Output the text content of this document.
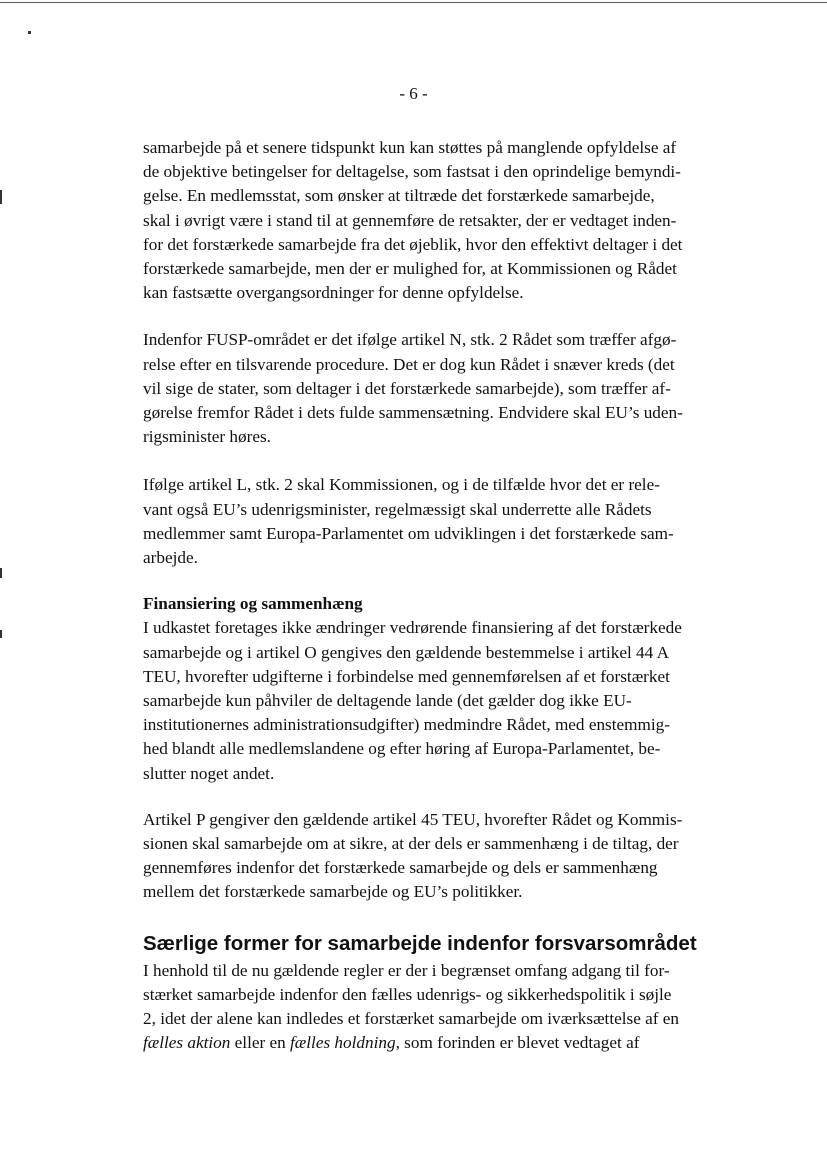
- 6 -

samarbejde på et senere tidspunkt kun kan støttes på manglende opfyldelse af
de objektive betingelser for deltagelse, som fastsat i den oprindelige bemyndi-
gelse. En medlemsstat, som ønsker at tiltræde det forstærkede samarbejde,
skal i øvrigt være i stand til at gennemføre de retsakter, der er vedtaget inden-
for det forstærkede samarbejde fra det øjeblik, hvor den effektivt deltager i det
forstærkede samarbejde, men der er mulighed for, at Kommissionen og Rådet
kan fastsætte overgangsordninger for denne opfyldelse.

Indenfor FUSP-området er det ifølge artikel N, stk. 2 Rådet som træffer afgø-
relse efter en tilsvarende procedure. Det er dog kun Rådet i snæver kreds (det
vil sige de stater, som deltager i det forstærkede samarbejde), som træffer af-
gørelse fremfor Rådet i dets fulde sammensætning. Endvidere skal EU’s uden-
rigsminister høres.

Ifølge artikel L, stk. 2 skal Kommissionen, og i de tilfælde hvor det er rele-
vant også EU’s udenrigsminister, regelmæssigt skal underrette alle Rådets
medlemmer samt Europa-Parlamentet om udviklingen i det forstærkede sam-
arbejde.

Finansiering og sammenhæng

I udkastet foretages ikke ændringer vedrørende finansiering af det forstærkede
samarbejde og i artikel O gengives den gældende bestemmelse i artikel 44 A
TEU, hvorefter udgifterne i forbindelse med gennemførelsen af et forstærket
samarbejde kun påhviler de deltagende lande (det gælder dog ikke EU-
institutionernes administrationsudgifter) medmindre Rådet, med enstemmig-
hed blandt alle medlemslandene og efter høring af Europa-Parlamentet, be-
slutter noget andet.

Artikel P gengiver den gældende artikel 45 TEU, hvorefter Rådet og Kommis-
sionen skal samarbejde om at sikre, at der dels er sammenhæng i de tiltag, der
gennemføres indenfor det forstærkede samarbejde og dels er sammenhæng
mellem det forstærkede samarbejde og EU’s politikker.

Særlige former for samarbejde indenfor forsvarsområdet

I henhold til de nu gældende regler er der i begrænset omfang adgang til for-
stærket samarbejde indenfor den fælles udenrigs- og sikkerhedspolitik i søjle
2, idet der alene kan indledes et forstærket samarbejde om iværksættelse af en
fælles aktion eller en fælles holdning, som forinden er blevet vedtaget af
